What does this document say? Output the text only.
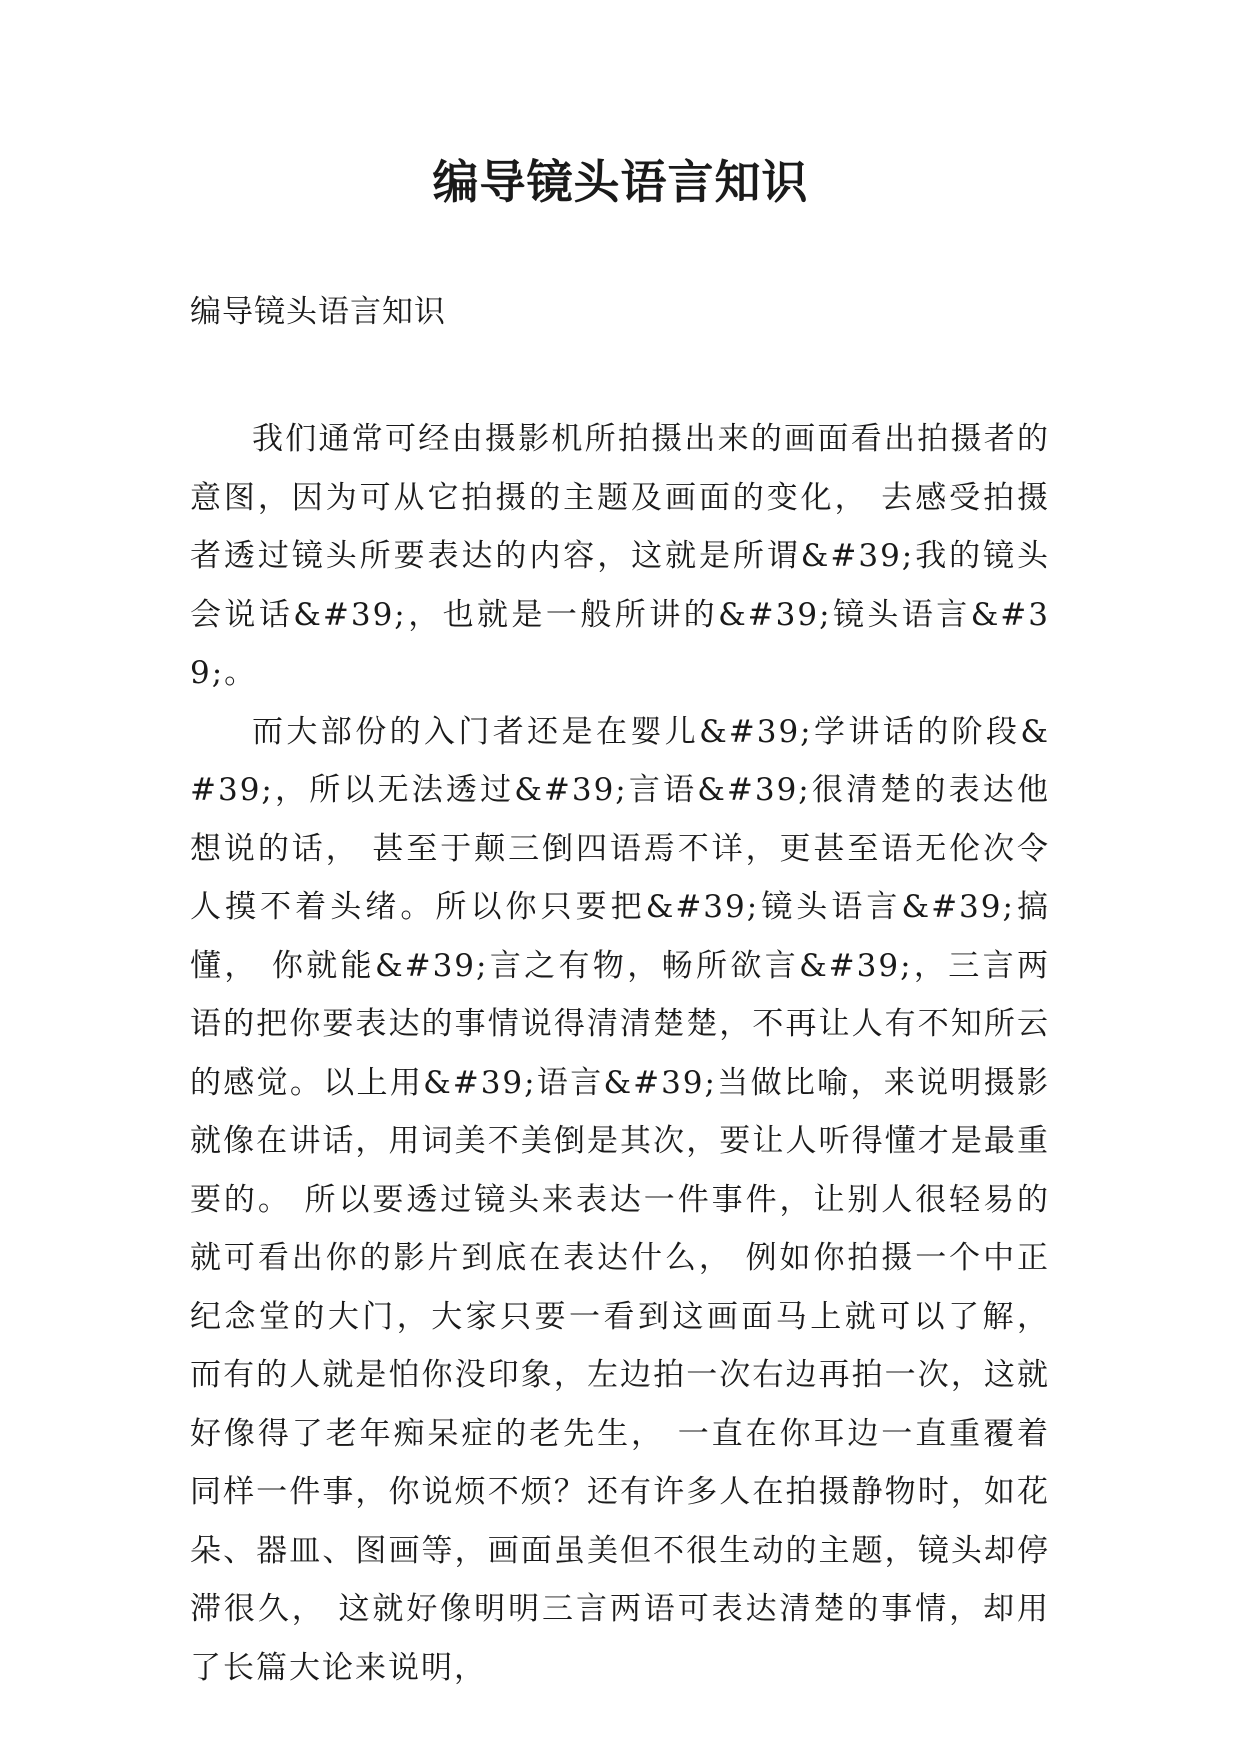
编导镜头语言知识

编导镜头语言知识

我们通常可经由摄影机所拍摄出来的画面看出拍摄者的意图，因为可从它拍摄的主题及画面的变化， 去感受拍摄者透过镜头所要表达的内容，这就是所谓&#39;我的镜头会说话&#39;，也就是一般所讲的&#39;镜头语言&#39;。

而大部份的入门者还是在婴儿&#39;学讲话的阶段&#39;，所以无法透过&#39;言语&#39;很清楚的表达他想说的话， 甚至于颠三倒四语焉不详，更甚至语无伦次令人摸不着头绪。所以你只要把&#39;镜头语言&#39;搞懂， 你就能&#39;言之有物，畅所欲言&#39;，三言两语的把你要表达的事情说得清清楚楚，不再让人有不知所云的感觉。以上用&#39;语言&#39;当做比喻，来说明摄影就像在讲话，用词美不美倒是其次，要让人听得懂才是最重要的。 所以要透过镜头来表达一件事件，让别人很轻易的就可看出你的影片到底在表达什么， 例如你拍摄一个中正纪念堂的大门，大家只要一看到这画面马上就可以了解， 而有的人就是怕你没印象，左边拍一次右边再拍一次，这就好像得了老年痴呆症的老先生， 一直在你耳边一直重覆着同样一件事，你说烦不烦？还有许多人在拍摄静物时，如花朵、器皿、图画等，画面虽美但不很生动的主题，镜头却停滞很久， 这就好像明明三言两语可表达清楚的事情，却用了长篇大论来说明，
